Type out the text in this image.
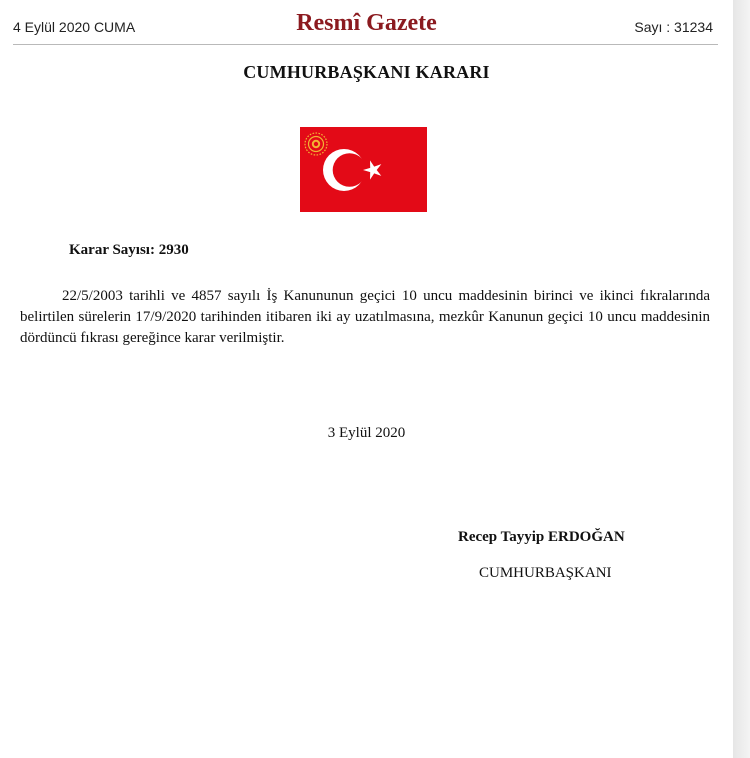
4 Eylül 2020 CUMA	Resmî Gazete	Sayı : 31234
CUMHURBAŞKANI KARARI
Karar Sayısı: 2930

22/5/2003 tarihli ve 4857 sayılı İş Kanununun geçici 10 uncu maddesinin birinci ve ikinci fıkralarında belirtilen sürelerin 17/9/2020 tarihinden itibaren iki ay uzatılmasına, mezkûr Kanunun geçici 10 uncu maddesinin dördüncü fıkrası gereğince karar verilmiştir.

3 Eylül 2020
Recep Tayyip ERDOĞAN
CUMHURBAŞKANI
